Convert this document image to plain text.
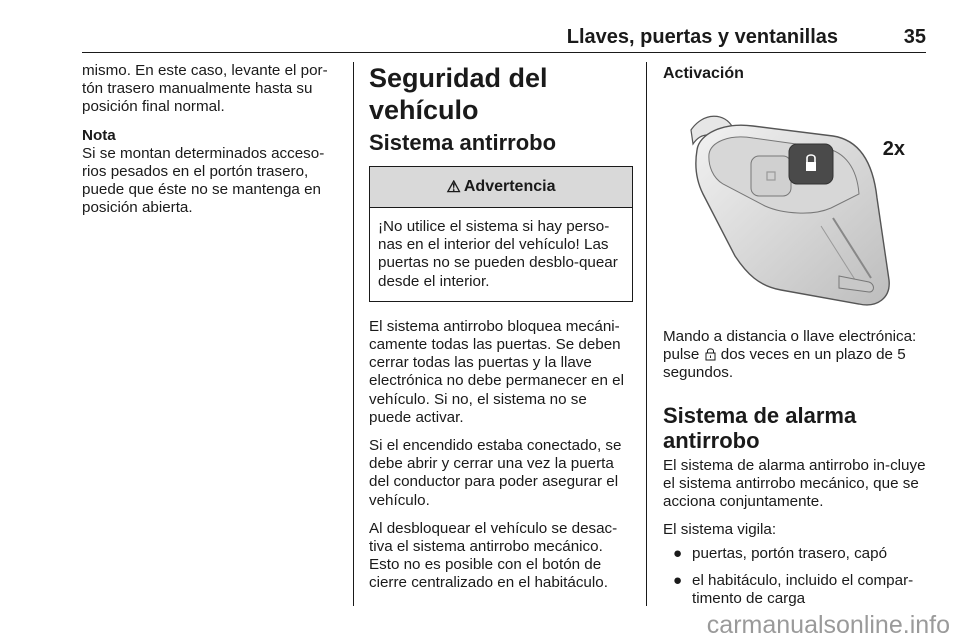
Llaves, puertas y ventanillas	35

mismo. En este caso, levante el por-tón trasero manualmente hasta su posición final normal.

Nota

Si se montan determinados acceso-rios pesados en el portón trasero, puede que éste no se mantenga en posición abierta.

Seguridad del vehículo
Sistema antirrobo
⚠ Advertencia
¡No utilice el sistema si hay perso-nas en el interior del vehículo! Las puertas no se pueden desblo-quear desde el interior.

El sistema antirrobo bloquea mecáni-camente todas las puertas. Se deben cerrar todas las puertas y la llave electrónica no debe permanecer en el vehículo. Si no, el sistema no se puede activar.

Si el encendido estaba conectado, se debe abrir y cerrar una vez la puerta del conductor para poder asegurar el vehículo.

Al desbloquear el vehículo se desac-tiva el sistema antirrobo mecánico. Esto no es posible con el botón de cierre centralizado en el habitáculo.

Activación
2x

Mando a distancia o llave electrónica: pulse  dos veces en un plazo de 5 segundos.

Sistema de alarma
antirrobo

El sistema de alarma antirrobo in-cluye el sistema antirrobo mecánico, que se acciona conjuntamente.

El sistema vigila:

● puertas, portón trasero, capó
● el habitáculo, incluido el compar-timento de carga
carmanualsonline.info
